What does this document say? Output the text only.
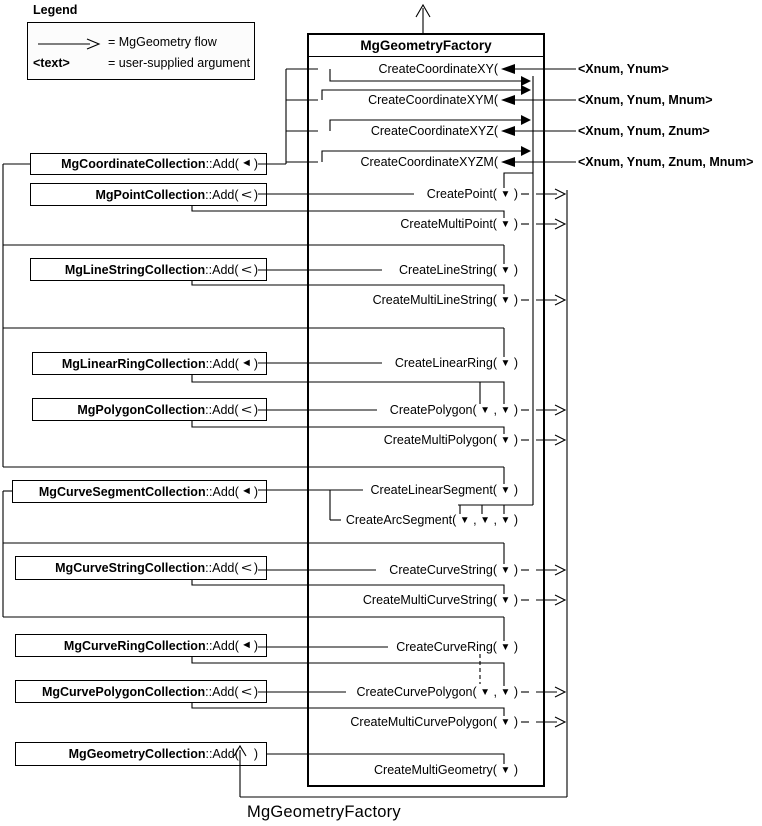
Legend
= MgGeometry flow
<text>	= user-supplied argument
MgGeometryFactory
CreateCoordinateXY(	<Xnum, Ynum>
CreateCoordinateXYM(	<Xnum, Ynum, Mnum>
CreateCoordinateXYZ(	<Xnum, Ynum, Znum>
CreateCoordinateXYZM(	<Xnum, Ynum, Znum, Mnum>
CreatePoint( ▼ )
CreateMultiPoint( ▼ )
CreateLineString( ▼ )
CreateMultiLineString( ▼ )
CreateLinearRing( ▼ )
CreatePolygon( ▼ , ▼ )
CreateMultiPolygon( ▼ )
CreateLinearSegment( ▼ )
CreateArcSegment( ▼ , ▼ , ▼ )
CreateCurveString( ▼ )
CreateMultiCurveString( ▼ )
CreateCurveRing( ▼ )
CreateCurvePolygon( ▼ , ▼ )
CreateMultiCurvePolygon( ▼ )
CreateMultiGeometry( ▼ )
MgCoordinateCollection ::Add( ◄ )
MgPointCollection ::Add( < )
MgLineStringCollection ::Add( < )
MgLinearRingCollection ::Add( ◄ )
MgPolygonCollection ::Add( < )
MgCurveSegmentCollection ::Add( ◄ )
MgCurveStringCollection ::Add( < )
MgCurveRingCollection ::Add( ◄ )
MgCurvePolygonCollection ::Add( < )
MgGeometryCollection ::Add( )
MgGeometryFactory
